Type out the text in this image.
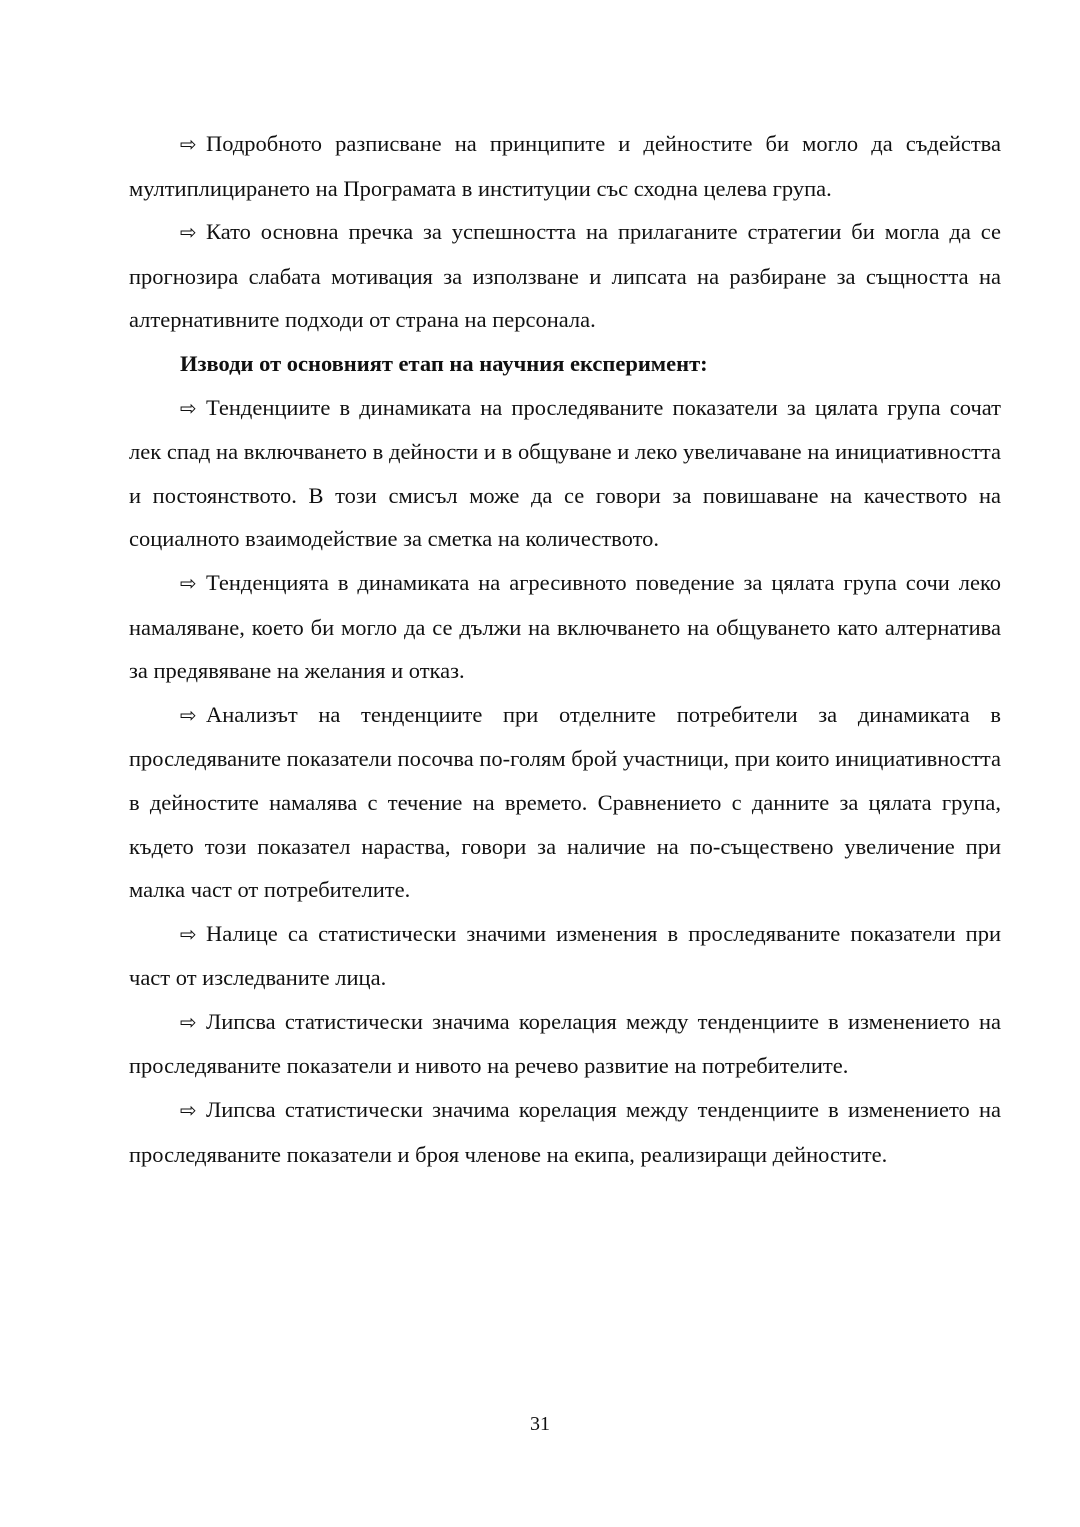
⇨ Подробното разписване на принципите и дейностите би могло да съдейства мултиплицирането на Програмата в институции със сходна целева група.

⇨ Като основна пречка за успешността на прилаганите стратегии би могла да се прогнозира слабата мотивация за използване и липсата на разбиране за същността на алтернативните подходи от страна на персонала.

Изводи от основният етап на научния експеримент:

⇨ Тенденциите в динамиката на проследяваните показатели за цялата група сочат лек спад на включването в дейности и в общуване и леко увеличаване на инициативността и постоянството. В този смисъл може да се говори за повишаване на качеството на социалното взаимодействие за сметка на количеството.

⇨ Тенденцията в динамиката на агресивното поведение за цялата група сочи леко намаляване, което би могло да се дължи на включването на общуването като алтернатива за предявяване на желания и отказ.

⇨ Анализът на тенденциите при отделните потребители за динамиката в проследяваните показатели посочва по-голям брой участници, при които инициативността в дейностите намалява с течение на времето. Сравнението с данните за цялата група, където този показател нараства, говори за наличие на по-съществено увеличение при малка част от потребителите.

⇨ Налице са статистически значими изменения в проследяваните показатели при част от изследваните лица.

⇨ Липсва статистически значима корелация между тенденциите в изменението на проследяваните показатели и нивото на речево развитие на потребителите.

⇨ Липсва статистически значима корелация между тенденциите в изменението на проследяваните показатели и броя членове на екипа, реализиращи дейностите.

31
